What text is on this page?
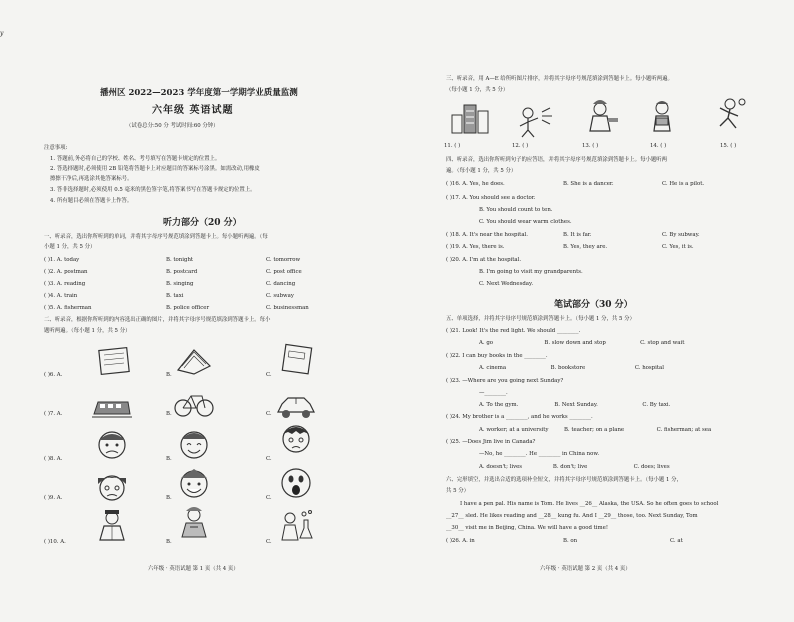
y
播州区 2022—2023 学年度第一学期学业质量监测
六年级 英语试题
（试卷总分:50 分 考试时间:60 分钟）
注意事项:
1. 答题前,务必将自己的学校、姓名、考号填写在答题卡规定的位置上。
2. 答选择题时,必须使用 2B 铅笔将答题卡上对应题目的答案标号涂黑。如需改动,用橡皮
擦擦干净后,再选涂其他答案标号。
3. 答非选择题时,必须使用 0.5 毫米的黑色签字笔,将答案书写在答题卡规定的位置上。
4. 所有题目必须在答题卡上作答。
听力部分（20 分）
一、听录音，选出你所听到的单词，并将其字母序号规范填涂到答题卡上。每小题听两遍。（每
小题 1 分，共 5 分）
( )1. A. today	B. tonight	C. tomorrow
( )2. A. postman	B. postcard	C. post office
( )3. A. reading	B. singing	C. dancing
( )4. A. train	B. taxi	C. subway
( )5. A. fisherman	B. police officer	C. businessman
二、听录音，根据你所听到的内容选出正确的图片，并将其字母序号规范填涂到答题卡上。每小
题听两遍。（每小题 1 分，共 5 分）
( )6. A.	B.	C.
( )7. A.	B.	C.
( )8. A.	B.	C.
( )9. A.	B.	C.
( )10. A.	B.	C.
六年级 · 英语试题 第 1 页（共 4 页）
三、听录音，用 A—E 给所听图片排序，并将其字母序号规范填涂到答题卡上。每小题听两遍。
（每小题 1 分，共 5 分）
11. ( )	12. ( )	13. ( )	14. ( )	15. ( )
四、听录音，选出你所听到句子的应答语，并将其字母序号规范填涂到答题卡上。每小题听两
遍。（每小题 1 分，共 5 分）
( )16. A. Yes, he does.	B. She is a dancer.	C. He is a pilot.
( )17. A. You should see a doctor.
B. You should count to ten.
C. You should wear warm clothes.
( )18. A. It's near the hospital.	B. It is far.	C. By subway.
( )19. A. Yes, there is.	B. Yes, they are.	C. Yes, it is.
( )20. A. I'm at the hospital.
B. I'm going to visit my grandparents.
C. Next Wednesday.
笔试部分（30 分）
五、单项选择，并将其字母序号规范填涂到答题卡上。（每小题 1 分，共 5 分）
( )21. Look! It's the red light. We should ________.
A. go                              B. slow down and stop                    C. stop and wait
( )22. I can buy books in the ________.
A. cinema                          B. bookstore                             C. hospital
( )23. —Where are you going next Sunday?
—________.
A. To the gym.                     B. Next Sunday.                          C. By taxi.
( )24. My brother is a ________, and he works ________.
A. worker; at a university         B. teacher; on a plane                   C. fisherman; at sea
( )25. —Does Jim live in Canada?
—No, he ________. He ________ in China now.
A. doesn't; lives                  B. don't; live                           C. does; lives
六、完形填空，并选出合适的选项补全短文，并将其字母序号规范填涂到答题卡上。（每小题 1 分，
共 5 分）
I have a pen pal. His name is Tom. He lives __26__ Alaska, the USA. So he often goes to school
__27__ sled. He likes reading and __28__ kung fu. And I __29__ those, too. Next Sunday, Tom
__30__ visit me in Beijing, China. We will have a good time!
( )26. A. in	B. on	C. at
六年级 · 英语试题 第 2 页（共 4 页）
